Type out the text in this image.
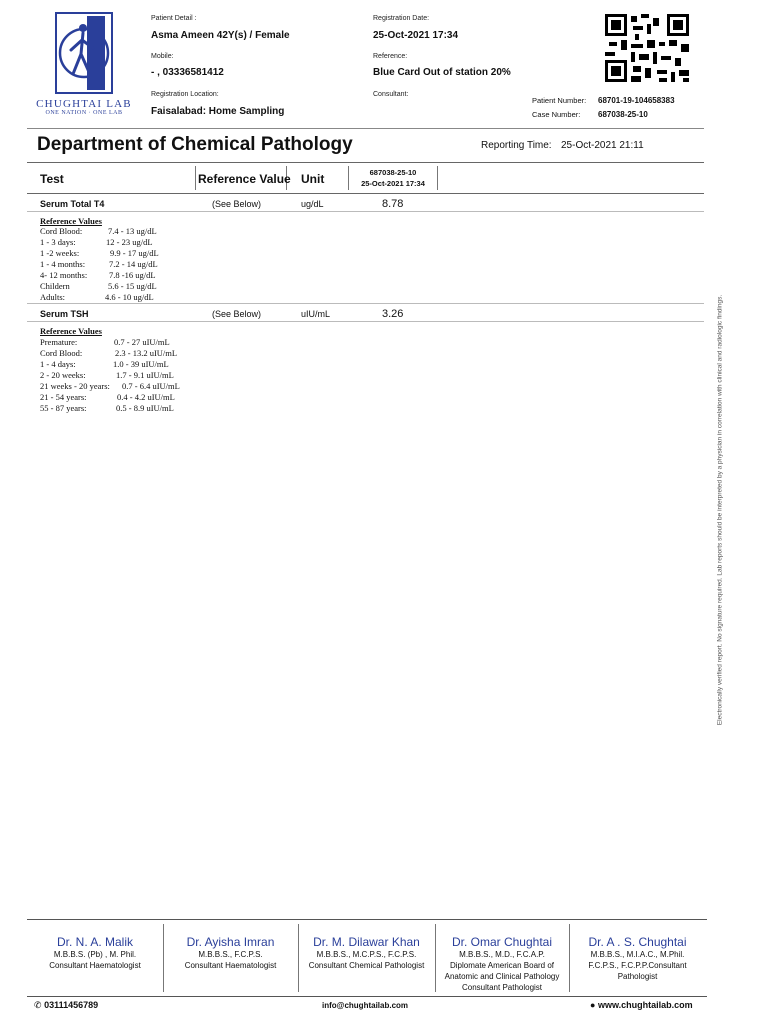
CHUGHTAI LAB
ONE NATION · ONE LAB
Patient Detail :
Asma Ameen 42Y(s) / Female
Mobile:
- , 03336581412
Registration Location:
Faisalabad: Home Sampling
Registration Date:
25-Oct-2021 17:34
Reference:
Blue Card Out of station 20%
Consultant:
Patient Number: 68701-19-104658383
Case Number: 687038-25-10
Department of Chemical Pathology	Reporting Time: 25-Oct-2021 21:11
Test	Reference Value Unit	687038-25-10
25-Oct-2021 17:34
Serum Total T4	(See Below)	ug/dL	8.78
Reference Values
Cord Blood:	7.4 - 13 ug/dL
1 - 3 days:	12 - 23 ug/dL
1 -2 weeks:	9.9 - 17 ug/dL
1 - 4 months:	7.2 - 14 ug/dL
4- 12 months:	7.8 -16 ug/dL
Childern	5.6 - 15 ug/dL
Adults:	4.6 - 10 ug/dL
Serum TSH	(See Below)	uIU/mL	3.26
Reference Values
Premature:	0.7 - 27 uIU/mL
Cord Blood:	2.3 - 13.2 uIU/mL
1 - 4 days:	1.0 - 39 uIU/mL
2 - 20 weeks:	1.7 - 9.1 uIU/mL
21 weeks - 20 years: 0.7 - 6.4 uIU/mL
21 - 54 years:	0.4 - 4.2 uIU/mL
55 - 87 years:	0.5 - 8.9 uIU/mL	Electronically verified report. No signature required. Lab reports should be interpreted by a physician in correlation with clinical and radiologic findings.
Dr. N. A. Malik
M.B.B.S. (Pb) , M. Phil.
Consultant Haematologist
Dr. Ayisha Imran
M.B.B.S., F.C.P.S.
Consultant Haematologist
Dr. M. Dilawar Khan
M.B.B.S., M.C.P.S., F.C.P.S.
Consultant Chemical Pathologist
Dr. Omar Chughtai
M.B.B.S., M.D., F.C.A.P.
Diplomate American Board of
Anatomic and Clinical Pathology
Consultant Pathologist
Dr. A . S. Chughtai
M.B.B.S., M.I.A.C., M.Phil.
F.C.P.S., F.C.P.P.Consultant
Pathologist
✆ 03111456789	info@chughtailab.com	● www.chughtailab.com
